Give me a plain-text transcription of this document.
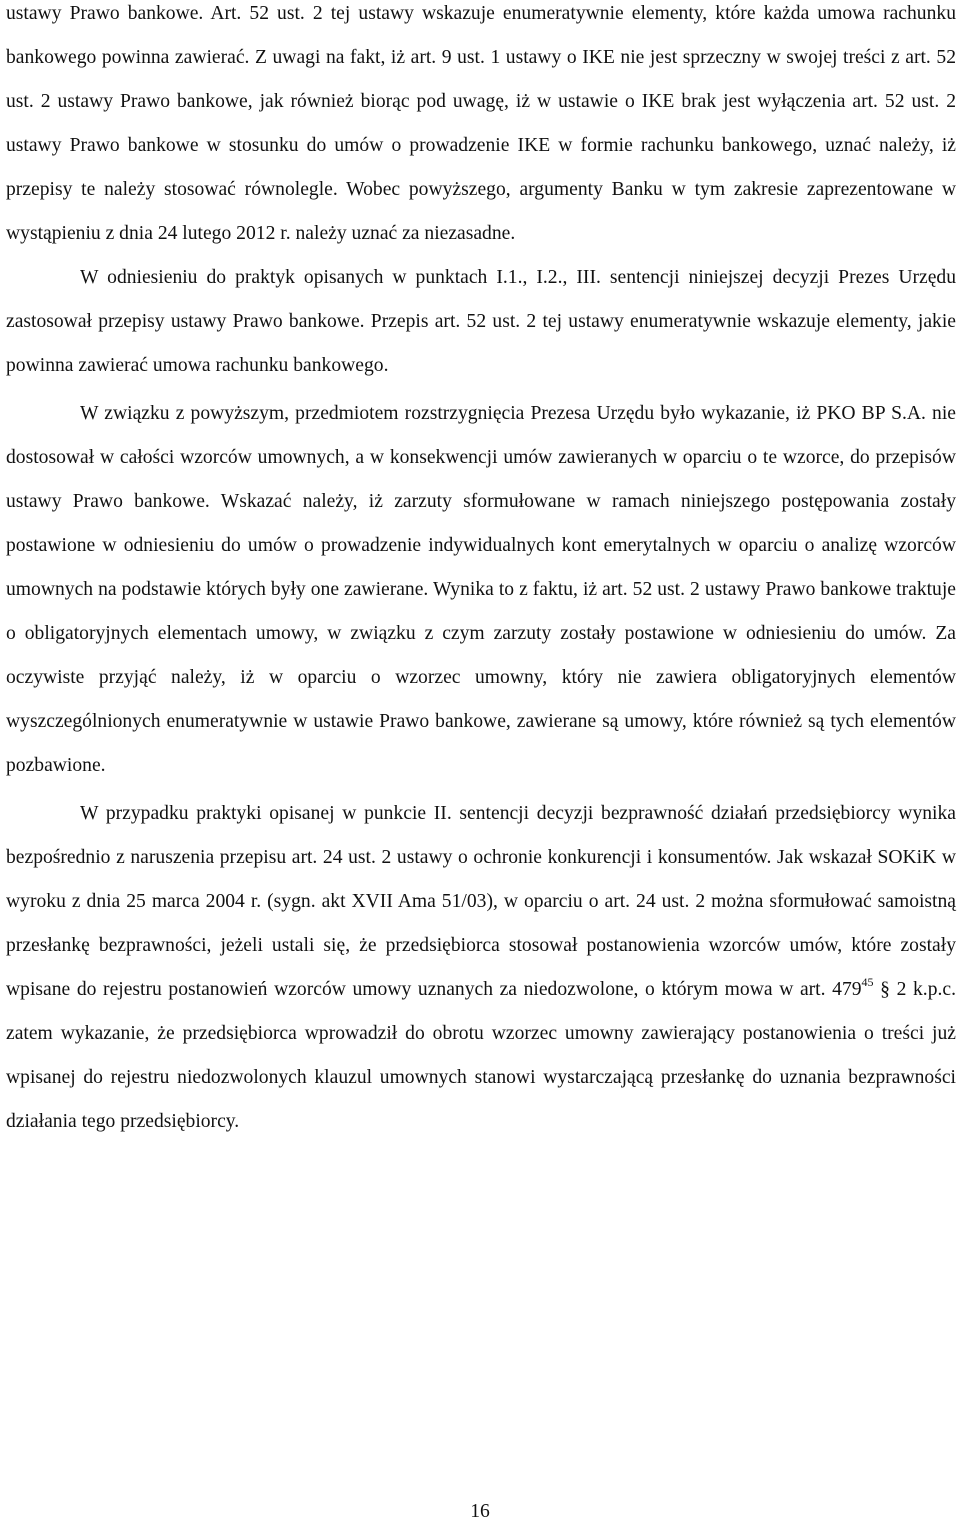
ustawy Prawo bankowe. Art. 52 ust. 2 tej ustawy wskazuje enumeratywnie elementy, które każda umowa rachunku bankowego powinna zawierać. Z uwagi na fakt, iż art. 9 ust. 1 ustawy o IKE nie jest sprzeczny w swojej treści z art. 52 ust. 2 ustawy Prawo bankowe, jak również biorąc pod uwagę, iż w ustawie o IKE brak jest wyłączenia art. 52 ust. 2 ustawy Prawo bankowe w stosunku do umów o prowadzenie IKE w formie rachunku bankowego, uznać należy, iż przepisy te należy stosować równolegle. Wobec powyższego, argumenty Banku w tym zakresie zaprezentowane w wystąpieniu z dnia 24 lutego 2012 r. należy uznać za niezasadne.

W odniesieniu do praktyk opisanych w punktach I.1., I.2., III. sentencji niniejszej decyzji Prezes Urzędu zastosował przepisy ustawy Prawo bankowe. Przepis art. 52 ust. 2 tej ustawy enumeratywnie wskazuje elementy, jakie powinna zawierać umowa rachunku bankowego.

W związku z powyższym, przedmiotem rozstrzygnięcia Prezesa Urzędu było wykazanie, iż PKO BP S.A. nie dostosował w całości wzorców umownych, a w konsekwencji umów zawieranych w oparciu o te wzorce, do przepisów ustawy Prawo bankowe. Wskazać należy, iż zarzuty sformułowane w ramach niniejszego postępowania zostały postawione w odniesieniu do umów o prowadzenie indywidualnych kont emerytalnych w oparciu o analizę wzorców umownych na podstawie których były one zawierane. Wynika to z faktu, iż art. 52 ust. 2 ustawy Prawo bankowe traktuje o obligatoryjnych elementach umowy, w związku z czym zarzuty zostały postawione w odniesieniu do umów. Za oczywiste przyjąć należy, iż w oparciu o wzorzec umowny, który nie zawiera obligatoryjnych elementów wyszczególnionych enumeratywnie w ustawie Prawo bankowe, zawierane są umowy, które również są tych elementów pozbawione.

W przypadku praktyki opisanej w punkcie II. sentencji decyzji bezprawność działań przedsiębiorcy wynika bezpośrednio z naruszenia przepisu art. 24 ust. 2 ustawy o ochronie konkurencji i konsumentów. Jak wskazał SOKiK w wyroku z dnia 25 marca 2004 r. (sygn. akt XVII Ama 51/03), w oparciu o art. 24 ust. 2 można sformułować samoistną przesłankę bezprawności, jeżeli ustali się, że przedsiębiorca stosował postanowienia wzorców umów, które zostały wpisane do rejestru postanowień wzorców umowy uznanych za niedozwolone, o którym mowa w art. $479^{45}$ § 2 k.p.c. zatem wykazanie, że przedsiębiorca wprowadził do obrotu wzorzec umowny zawierający postanowienia o treści już wpisanej do rejestru niedozwolonych klauzul umownych stanowi wystarczającą przesłankę do uznania bezprawności działania tego przedsiębiorcy.

16
